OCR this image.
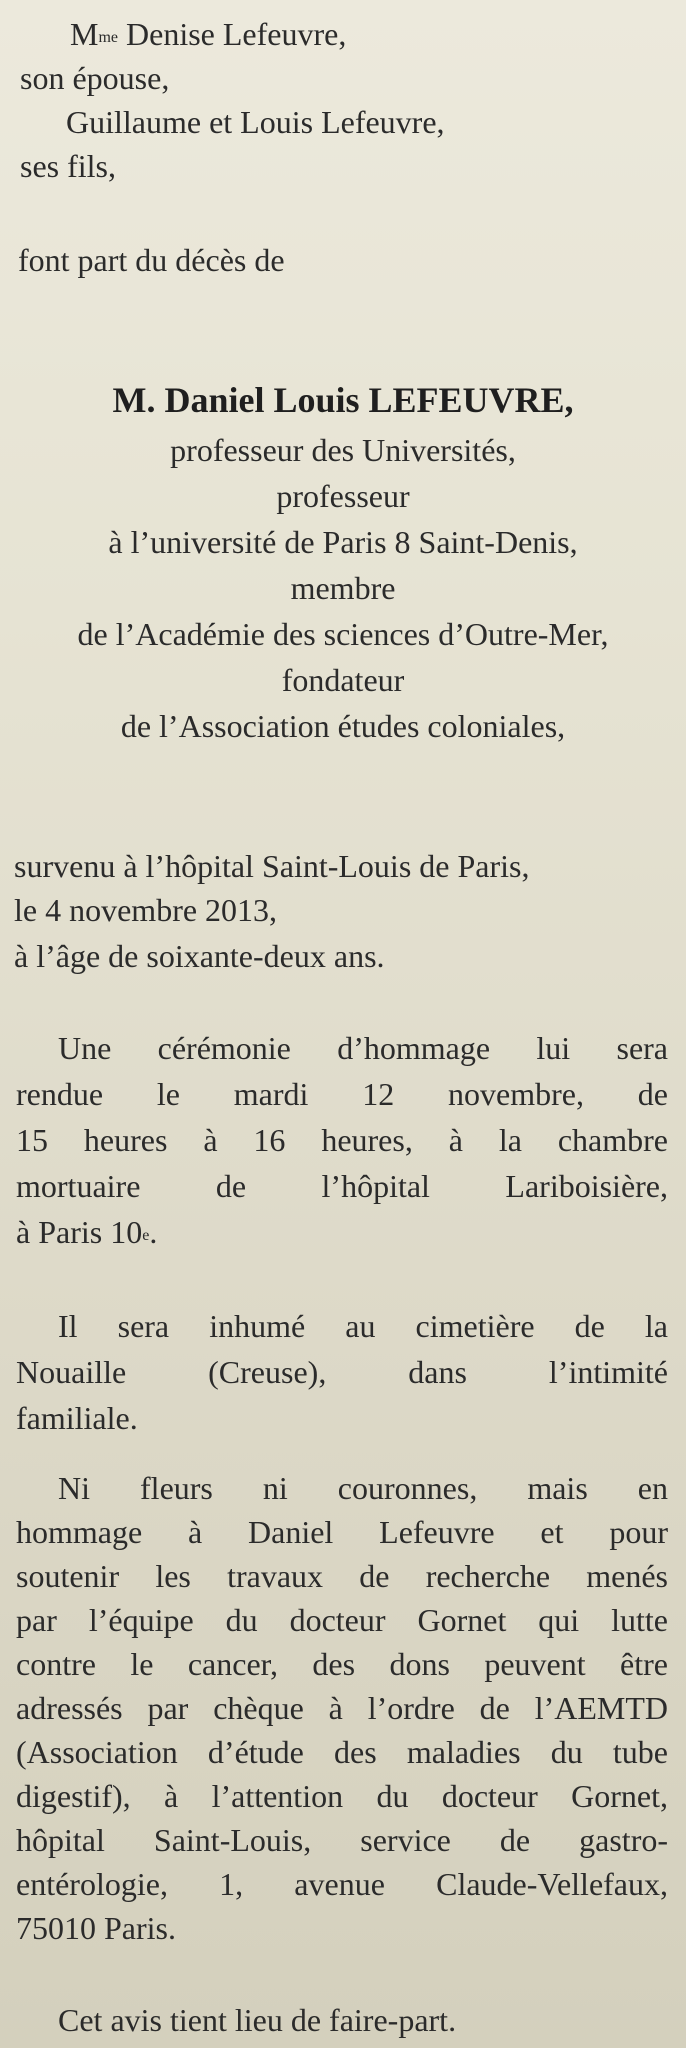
$M^{me}$ Denise Lefeuvre,
son épouse,
Guillaume et Louis Lefeuvre,
ses fils,
font part du décès de
M. Daniel Louis LEFEUVRE,
professeur des Universités,
professeur
à l’université de Paris 8 Saint-Denis,
membre
de l’Académie des sciences d’Outre-Mer,
fondateur
de l’Association études coloniales,
survenu à l’hôpital Saint-Louis de Paris,
le 4 novembre 2013,
à l’âge de soixante-deux ans.
Une cérémonie d’hommage lui sera
rendue le mardi 12 novembre, de
15 heures à 16 heures, à la chambre
mortuaire de l’hôpital Lariboisière,
à Paris 10e.
Il sera inhumé au cimetière de la
Nouaille (Creuse), dans l’intimité
familiale.
Ni fleurs ni couronnes, mais en
hommage à Daniel Lefeuvre et pour
soutenir les travaux de recherche menés
par l’équipe du docteur Gornet qui lutte
contre le cancer, des dons peuvent être
adressés par chèque à l’ordre de l’AEMTD
(Association d’étude des maladies du tube
digestif), à l’attention du docteur Gornet,
hôpital Saint-Louis, service de gastro-
entérologie, 1, avenue Claude-Vellefaux,
75010 Paris.
Cet avis tient lieu de faire-part.
